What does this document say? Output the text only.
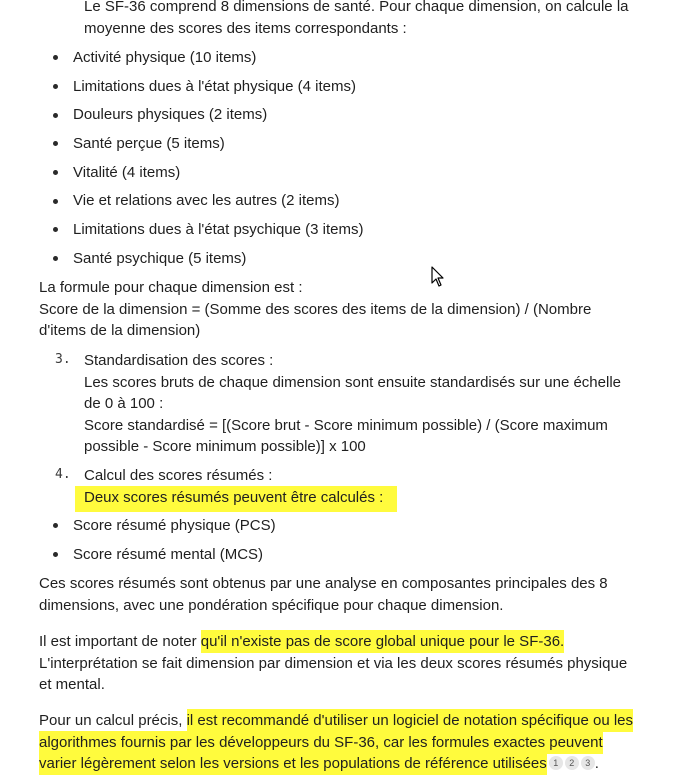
Le SF-36 comprend 8 dimensions de santé. Pour chaque dimension, on calcule la
moyenne des scores des items correspondants :

Activité physique (10 items)
Limitations dues à l'état physique (4 items)
Douleurs physiques (2 items)
Santé perçue (5 items)
Vitalité (4 items)
Vie et relations avec les autres (2 items)
Limitations dues à l'état psychique (3 items)
Santé psychique (5 items)

La formule pour chaque dimension est :
Score de la dimension = (Somme des scores des items de la dimension) / (Nombre
d'items de la dimension)

3. Standardisation des scores :
Les scores bruts de chaque dimension sont ensuite standardisés sur une échelle
de 0 à 100 :
Score standardisé = [(Score brut - Score minimum possible) / (Score maximum
possible - Score minimum possible)] x 100

4. Calcul des scores résumés :
Deux scores résumés peuvent être calculés :
Score résumé physique (PCS)
Score résumé mental (MCS)

Ces scores résumés sont obtenus par une analyse en composantes principales des 8
dimensions, avec une pondération spécifique pour chaque dimension.

Il est important de noter qu'il n'existe pas de score global unique pour le SF-36.
L'interprétation se fait dimension par dimension et via les deux scores résumés physique
et mental.

Pour un calcul précis, il est recommandé d'utiliser un logiciel de notation spécifique ou les
algorithmes fournis par les développeurs du SF-36, car les formules exactes peuvent
varier légèrement selon les versions et les populations de référence utilisées 1 2 3 .
